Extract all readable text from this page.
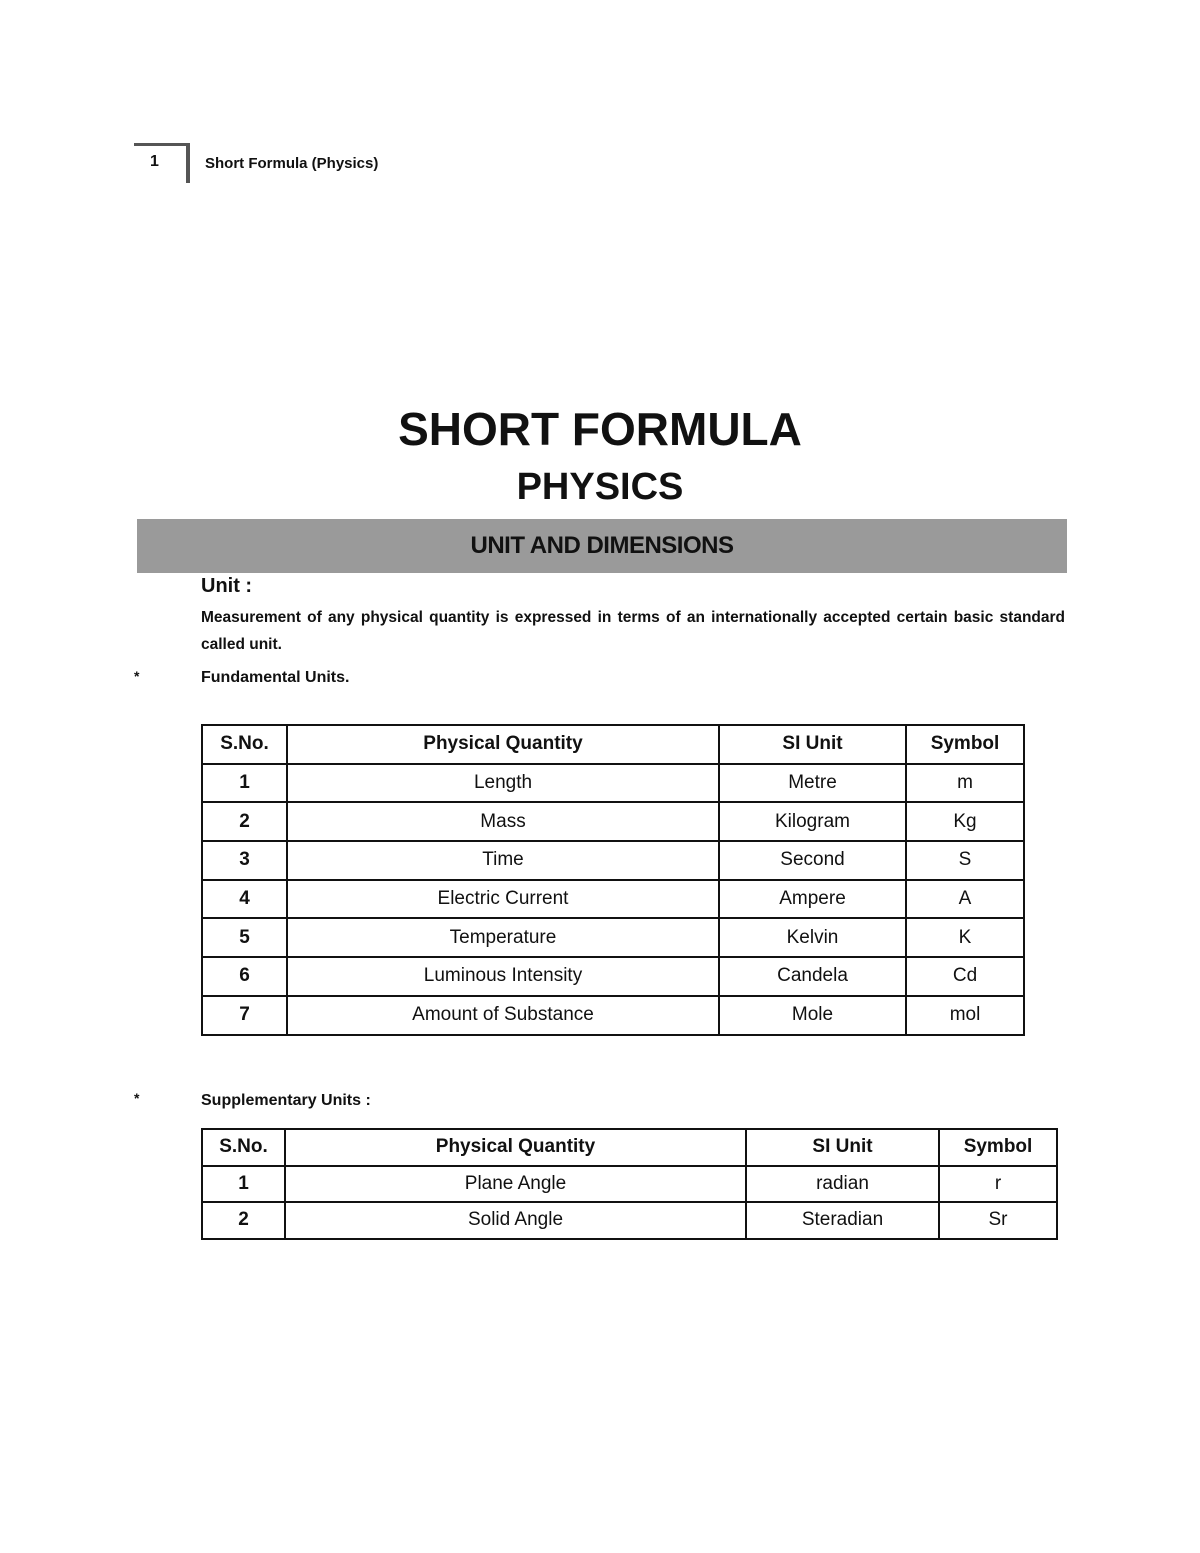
1	Short Formula (Physics)
SHORT FORMULA
PHYSICS
UNIT AND DIMENSIONS
Unit :
Measurement of any physical quantity is expressed in terms of an internationally accepted certain basic standard called unit.
*	Fundamental Units.
S.No.	Physical Quantity	SI Unit	Symbol
1	Length	Metre	m
2	Mass	Kilogram	Kg
3	Time	Second	S
4	Electric Current	Ampere	A
5	Temperature	Kelvin	K
6	Luminous Intensity	Candela	Cd
7	Amount of Substance	Mole	mol
*	Supplementary Units :
S.No.	Physical Quantity	SI Unit	Symbol
1	Plane Angle	radian	r
2	Solid Angle	Steradian	Sr
